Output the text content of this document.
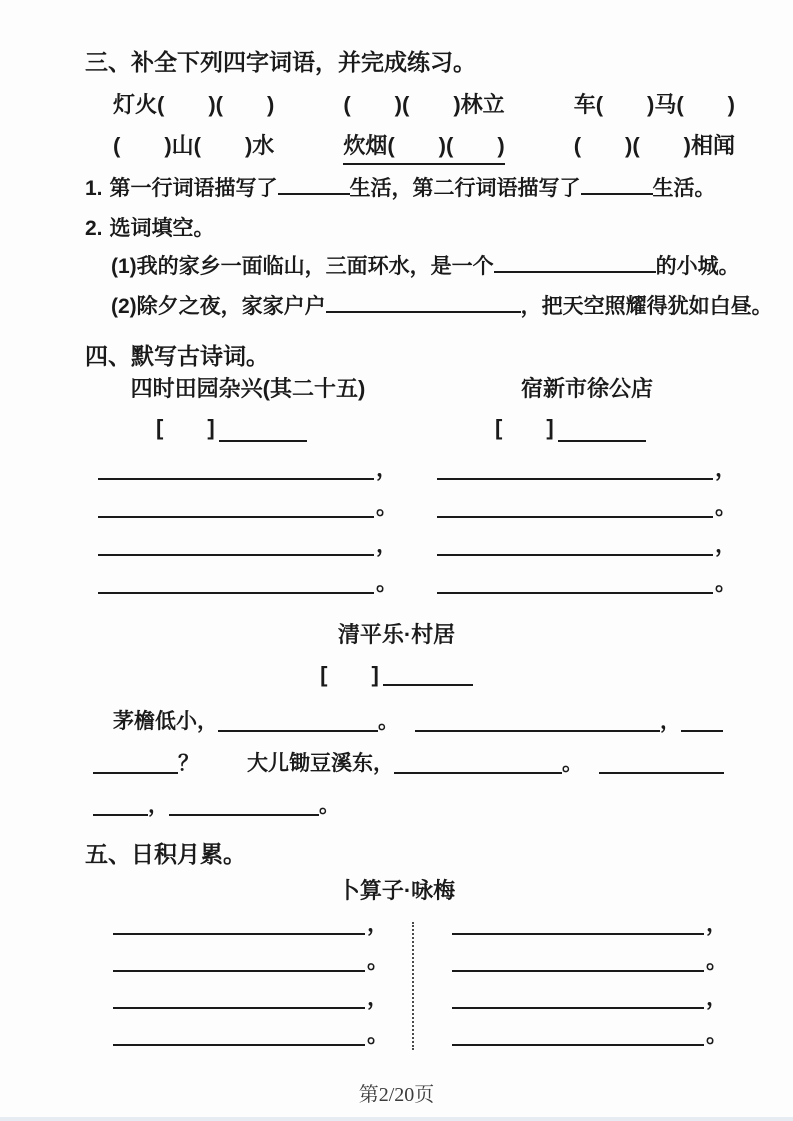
三、补全下列四字词语，并完成练习。
灯火(　　)(　　)	(　　)(　　)林立	车(　　)马(　　)
(　　)山(　　)水	炊烟(　　)(　　)	(　　)(　　)相闻
1. 第一行词语描写了	生活，第二行词语描写了	生活。
2. 选词填空。
(1)我的家乡一面临山，三面环水，是一个	的小城。
(2)除夕之夜，家家户户	，把天空照耀得犹如白昼。
四、默写古诗词。
四时田园杂兴(其二十五)
[　　]
，
。
，
。
宿新市徐公店
[　　]
，
。
，
。
清平乐·村居
[　　]
茅檐低小，	。	，
？ 大儿锄豆溪东，	。
，	。
五、日积月累。
卜算子·咏梅
，
。
，
。
，
。
，
。
第2/20页
